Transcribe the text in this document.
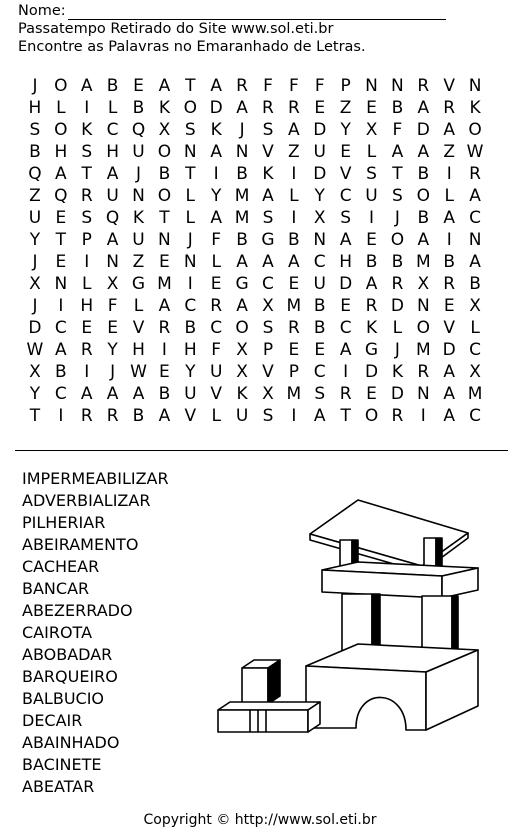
Nome:
Passatempo Retirado do Site www.sol.eti.br
Encontre as Palavras no Emaranhado de Letras.
J O A B E A T A R F F F P N N R V N
H L	I	L B K O D A R R E Z E B A R K
S O K C Q X S K	J	S A D Y X F D A O
B H S H U O N A N V Z U E L A A Z W
Q A T A	J	B T	I	B K	I D V S T B	I	R
Z Q R U N O L Y M A L Y C U S O L A
U E S Q K T L A M S	I	X S	I	J	B A C
Y T P A U N	J	F B G B N A E O A	I	N
J	E	I	N Z E N L A A A C H B B M B A
X N L X G M I	E G C E U D A R X R B
J	I H F L A C R A X M B E R D N E X
D C E E V R B C O S R B C K L O V L
W A R Y H I H F X P E E A G J M D C
X B	I	J W E Y U X V P C	I D K R A X
Y C A A A B U V K X M S R E D N A M
T	I	R R B A V L U S	I	A T O R	I	A C
IMPERMEABILIZAR
ADVERBIALIZAR
PILHERIAR
ABEIRAMENTO
CACHEAR
BANCAR
ABEZERRADO
CAIROTA
ABOBADAR
BARQUEIRO
BALBUCIO
DECAIR
ABAINHADO
BACINETE
ABEATAR
Copyright © http://www.sol.eti.br
